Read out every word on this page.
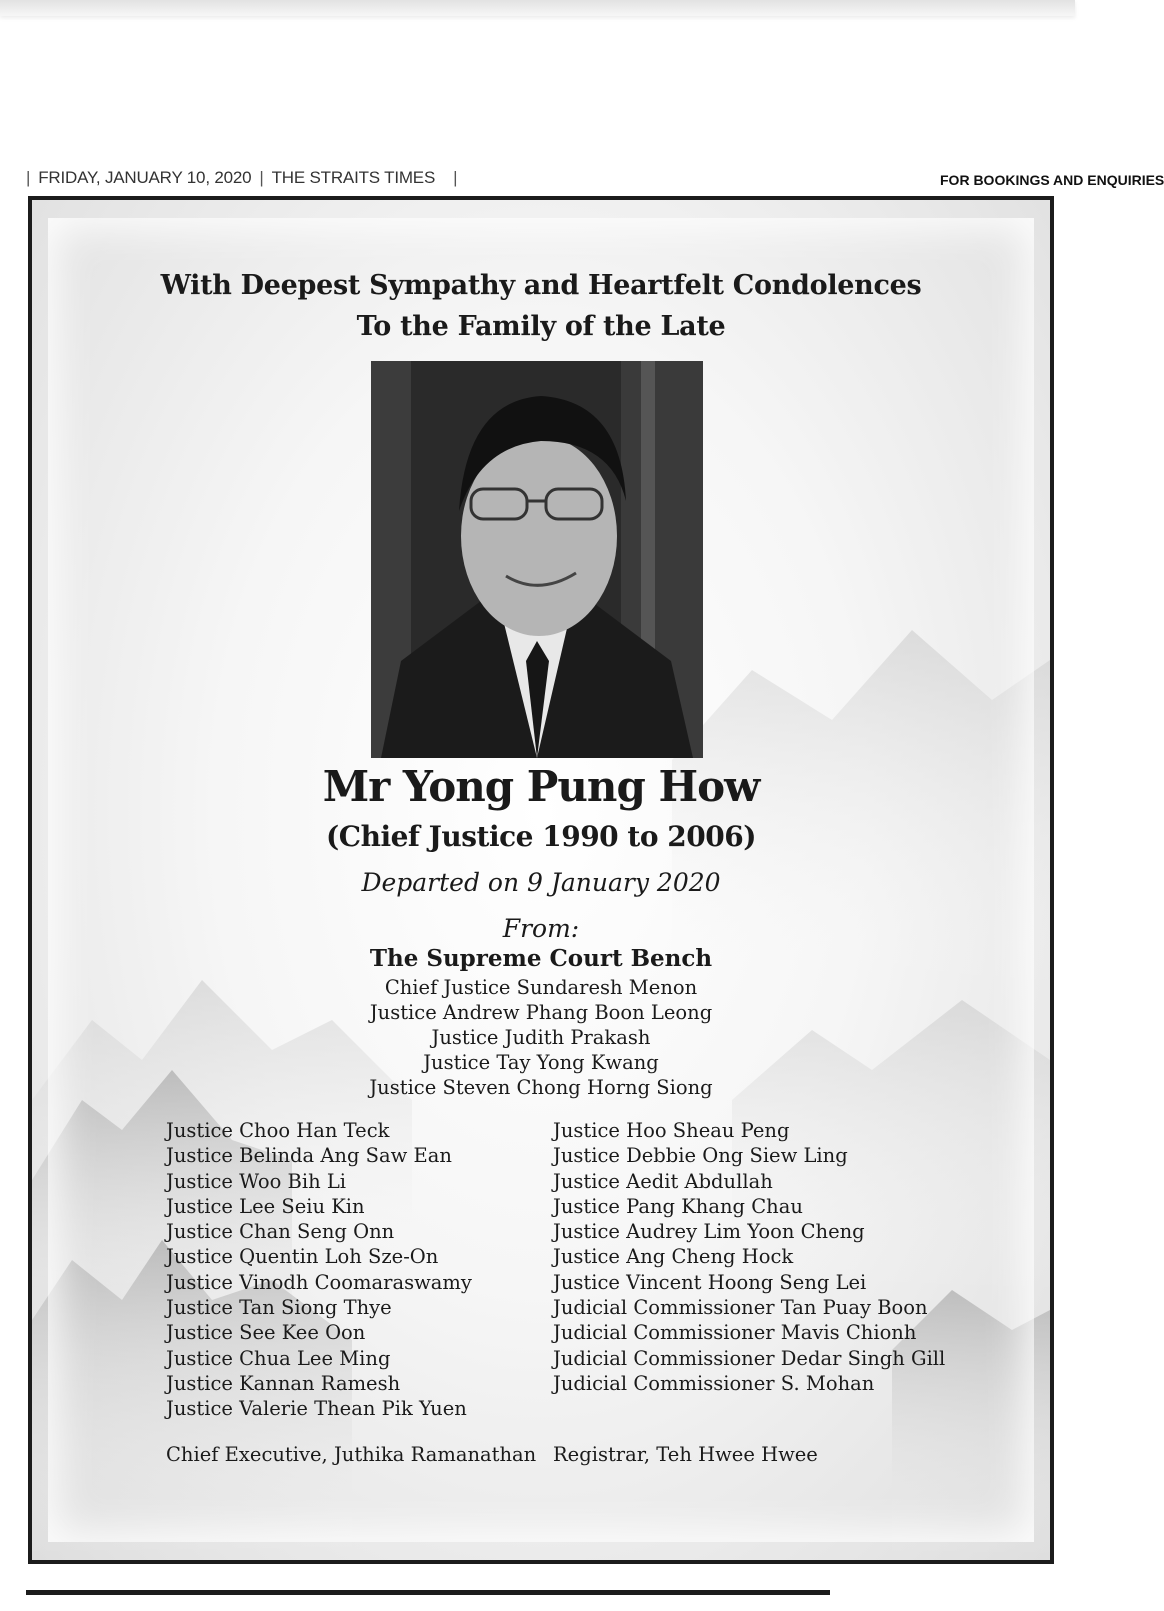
| FRIDAY, JANUARY 10, 2020 | THE STRAITS TIMES |	FOR BOOKINGS AND ENQUIRIES
With Deepest Sympathy and Heartfelt Condolences
To the Family of the Late
Mr Yong Pung How
(Chief Justice 1990 to 2006)
Departed on 9 January 2020
From:
The Supreme Court Bench
Chief Justice Sundaresh Menon
Justice Andrew Phang Boon Leong
Justice Judith Prakash
Justice Tay Yong Kwang
Justice Steven Chong Horng Siong
Justice Choo Han Teck
Justice Belinda Ang Saw Ean
Justice Woo Bih Li
Justice Lee Seiu Kin
Justice Chan Seng Onn
Justice Quentin Loh Sze-On
Justice Vinodh Coomaraswamy
Justice Tan Siong Thye
Justice See Kee Oon
Justice Chua Lee Ming
Justice Kannan Ramesh
Justice Valerie Thean Pik Yuen
Justice Hoo Sheau Peng
Justice Debbie Ong Siew Ling
Justice Aedit Abdullah
Justice Pang Khang Chau
Justice Audrey Lim Yoon Cheng
Justice Ang Cheng Hock
Justice Vincent Hoong Seng Lei
Judicial Commissioner Tan Puay Boon
Judicial Commissioner Mavis Chionh
Judicial Commissioner Dedar Singh Gill
Judicial Commissioner S. Mohan
Chief Executive, Juthika Ramanathan Registrar, Teh Hwee Hwee
